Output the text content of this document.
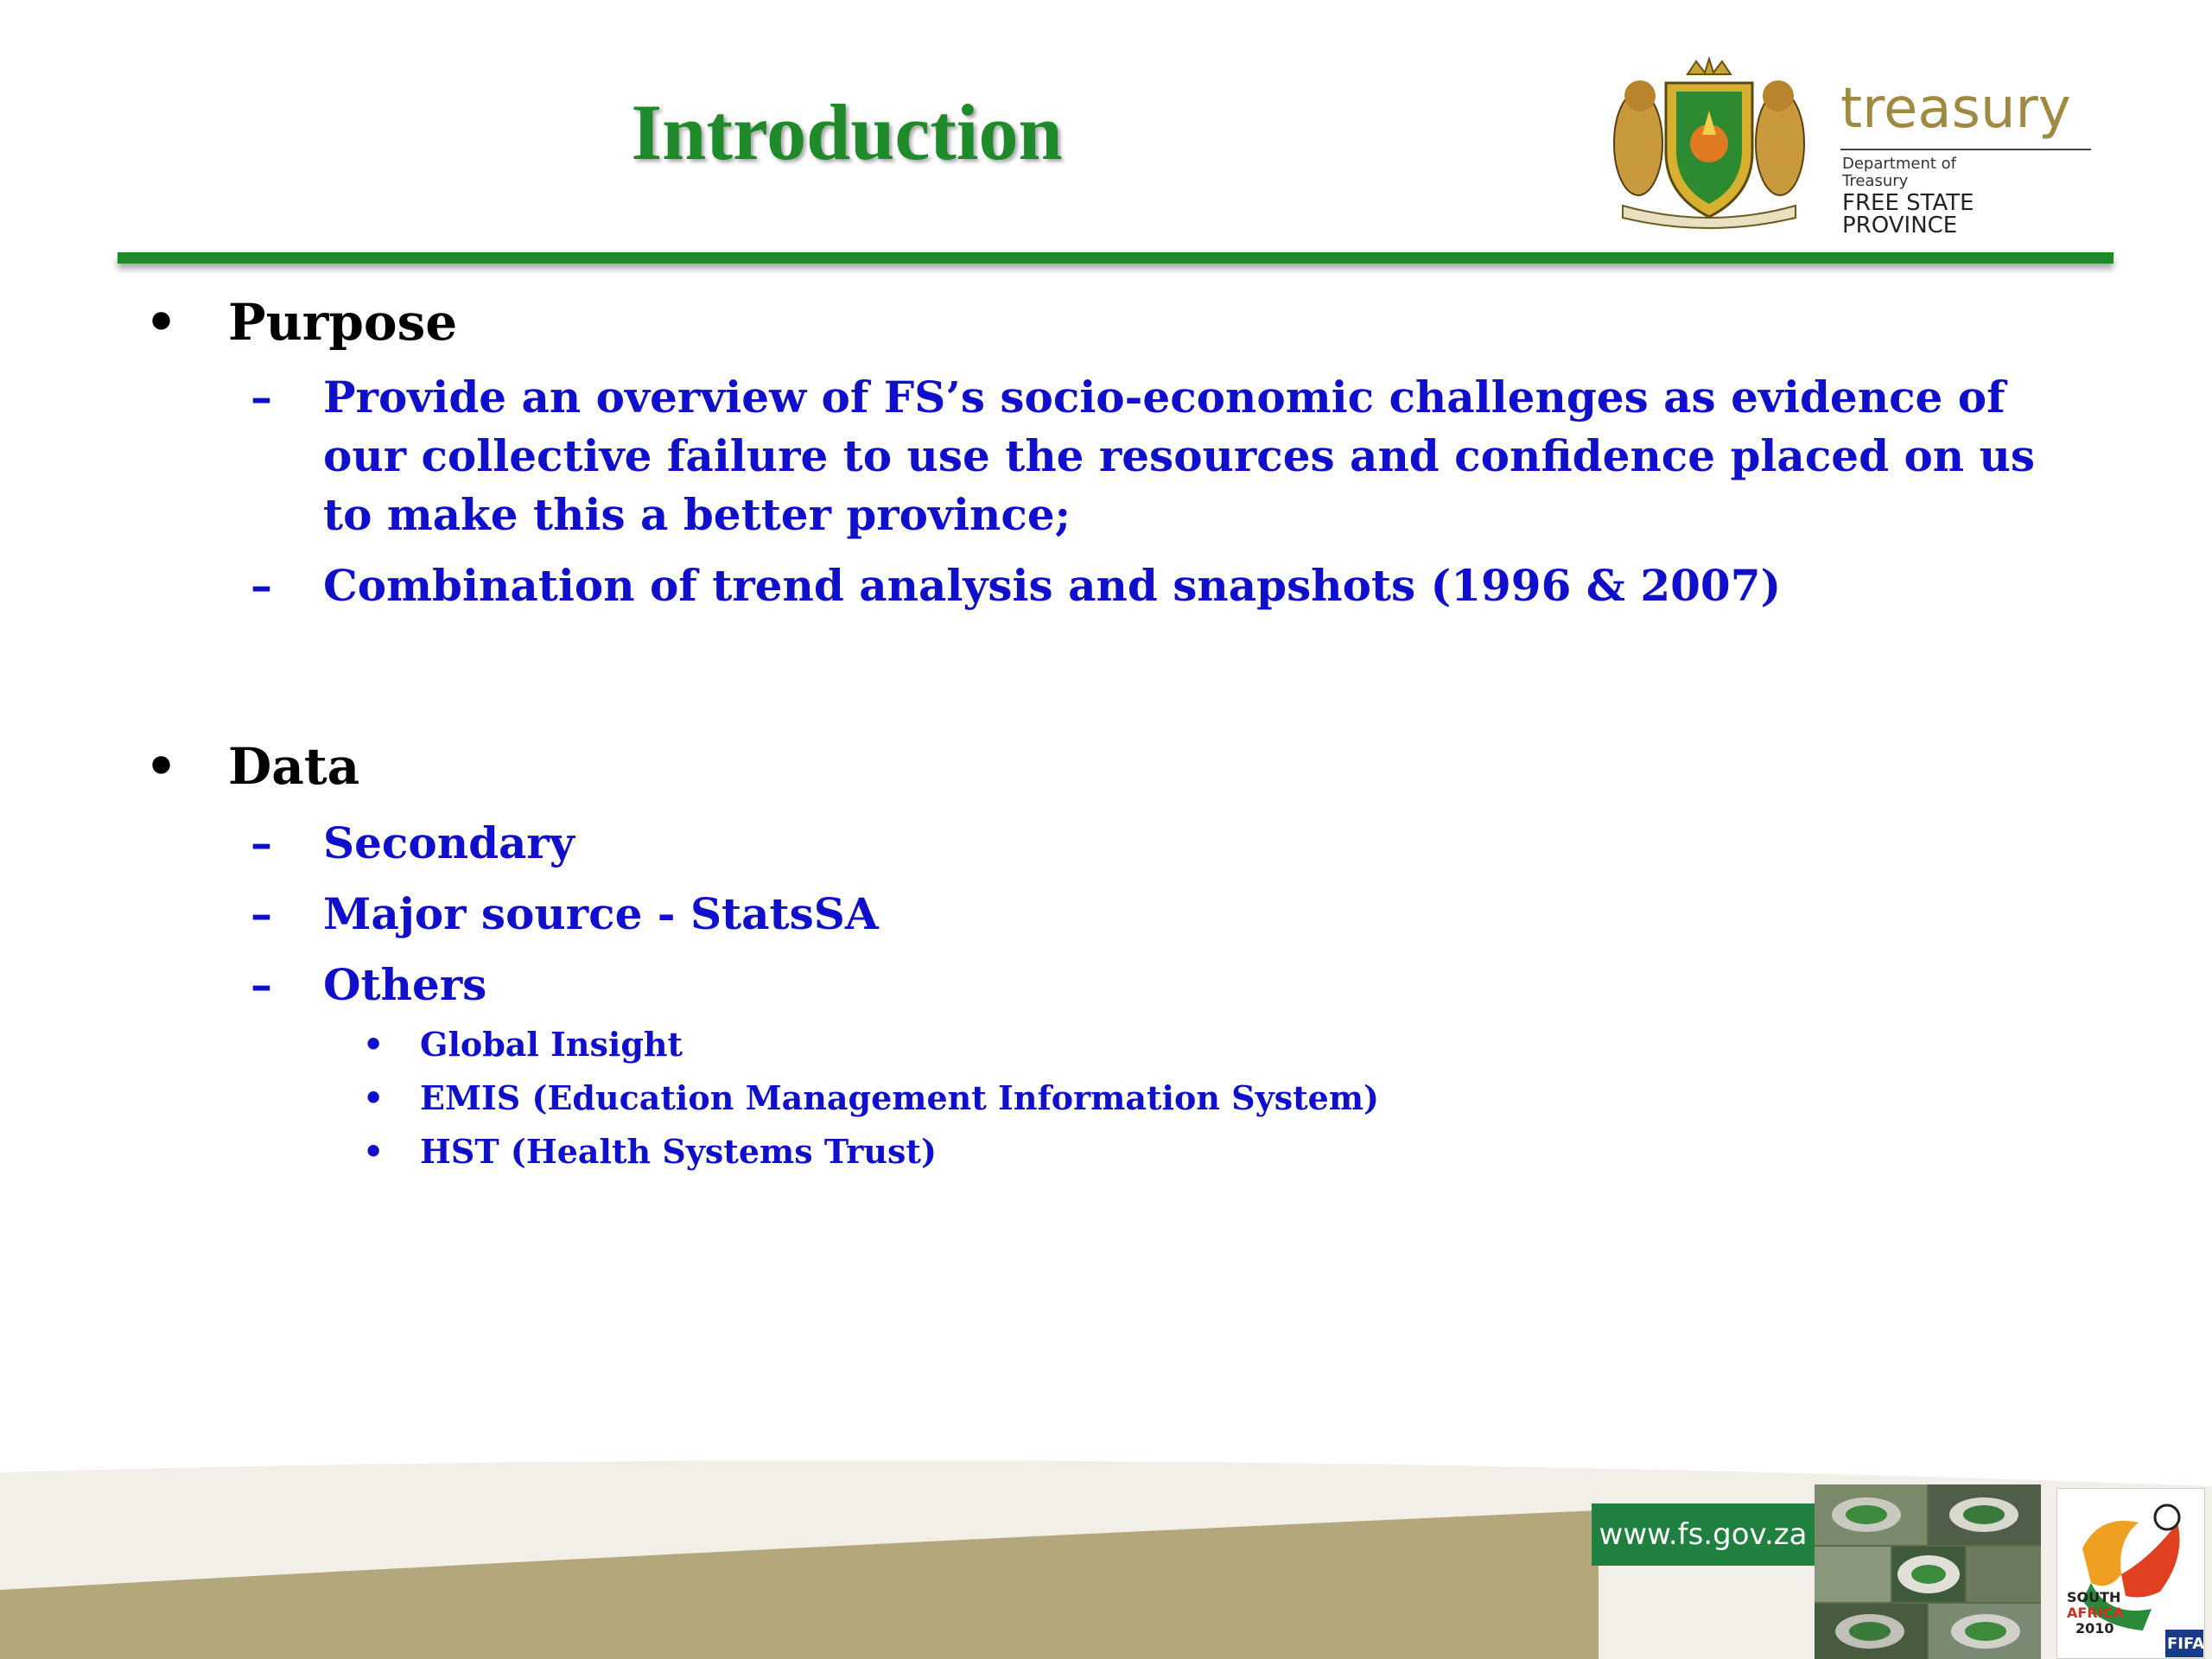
Introduction	treasury
Department of
Treasury
FREE STATE PROVINCE
• Purpose
– Provide an overview of FS’s socio-economic challenges as evidence of our collective failure to use the resources and confidence placed on us to make this a better province;
– Combination of trend analysis and snapshots (1996 & 2007)
• Data
– Secondary
– Major source - StatsSA
– Others
• Global Insight
• EMIS (Education Management Information System)
• HST (Health Systems Trust)
www.fs.gov.za
SOUTH
AFRICA
2010
FIFA
